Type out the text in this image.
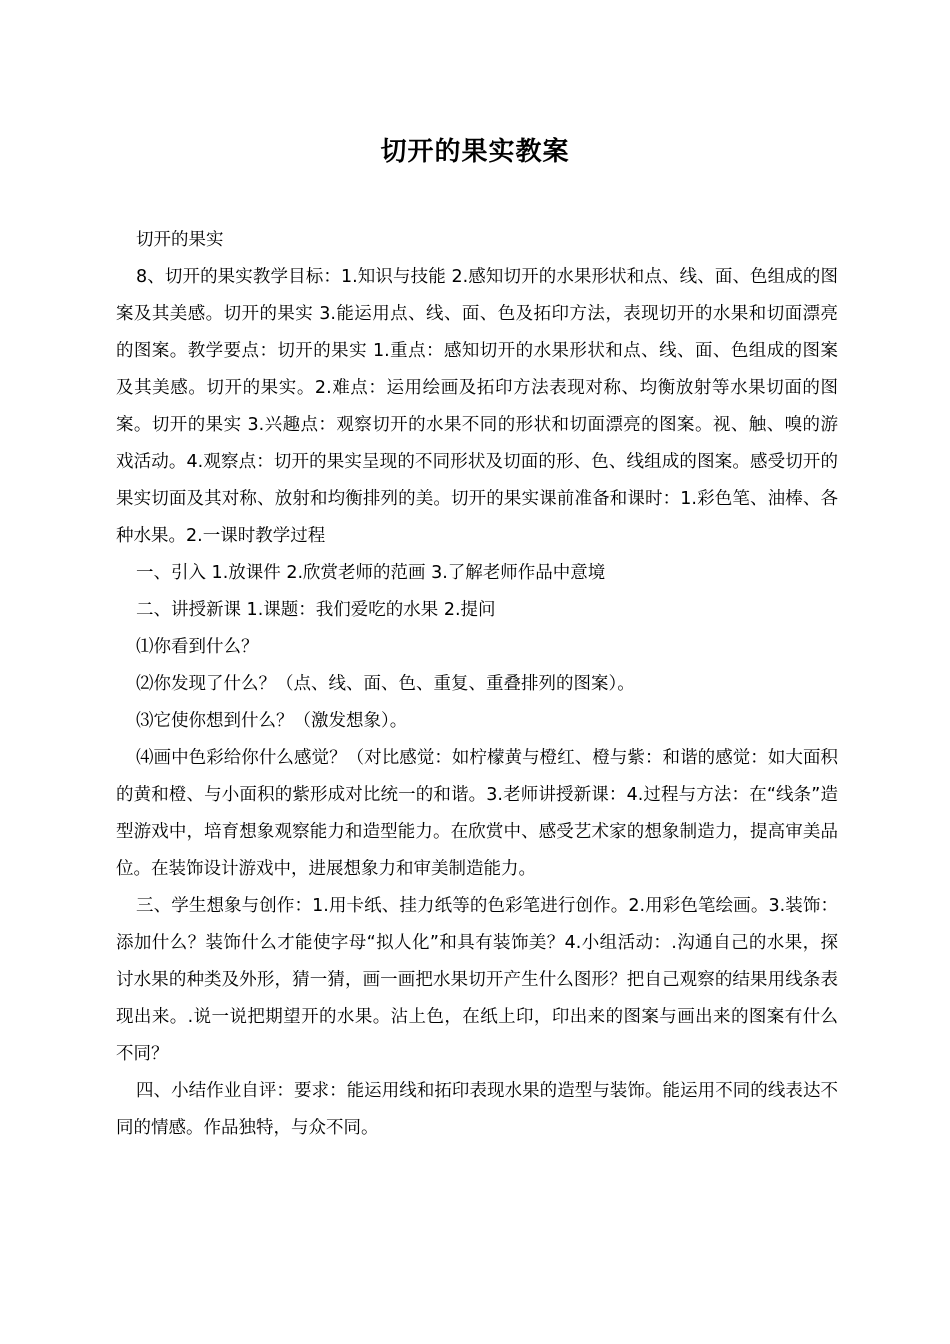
切开的果实教案

切开的果实

8、切开的果实教学目标：1.知识与技能 2.感知切开的水果形状和点、线、面、色组成的图案及其美感。切开的果实 3.能运用点、线、面、色及拓印方法，表现切开的水果和切面漂亮的图案。教学要点：切开的果实 1.重点：感知切开的水果形状和点、线、面、色组成的图案及其美感。切开的果实。2.难点：运用绘画及拓印方法表现对称、均衡放射等水果切面的图案。切开的果实 3.兴趣点：观察切开的水果不同的形状和切面漂亮的图案。视、触、嗅的游戏活动。4.观察点：切开的果实呈现的不同形状及切面的形、色、线组成的图案。感受切开的果实切面及其对称、放射和均衡排列的美。切开的果实课前准备和课时：1.彩色笔、油棒、各种水果。2.一课时教学过程

一、引入 1.放课件 2.欣赏老师的范画 3.了解老师作品中意境

二、讲授新课 1.课题：我们爱吃的水果 2.提问

⑴你看到什么？

⑵你发现了什么？（点、线、面、色、重复、重叠排列的图案）。

⑶它使你想到什么？（激发想象）。

⑷画中色彩给你什么感觉？（对比感觉：如柠檬黄与橙红、橙与紫：和谐的感觉：如大面积的黄和橙、与小面积的紫形成对比统一的和谐。3.老师讲授新课：4.过程与方法：在“线条”造型游戏中，培育想象观察能力和造型能力。在欣赏中、感受艺术家的想象制造力，提高审美品位。在装饰设计游戏中，进展想象力和审美制造能力。

三、学生想象与创作：1.用卡纸、挂力纸等的色彩笔进行创作。2.用彩色笔绘画。3.装饰：添加什么？装饰什么才能使字母“拟人化”和具有装饰美？4.小组活动：.沟通自己的水果，探讨水果的种类及外形，猜一猜，画一画把水果切开产生什么图形？把自己观察的结果用线条表现出来。.说一说把期望开的水果。沾上色，在纸上印，印出来的图案与画出来的图案有什么不同？

四、小结作业自评：要求：能运用线和拓印表现水果的造型与装饰。能运用不同的线表达不同的情感。作品独特，与众不同。
